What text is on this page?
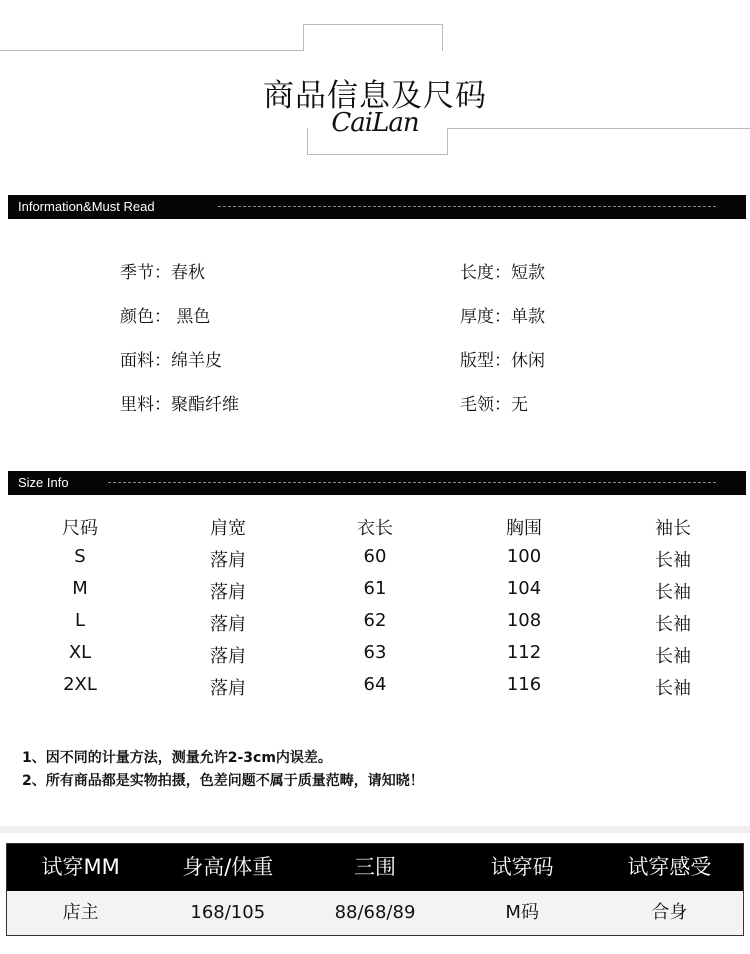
商品信息及尺码
CaiLan
Information&Must Read
季节：春秋	长度：短款
颜色： 黑色	厚度：单款
面料：绵羊皮	版型：休闲
里料：聚酯纤维	毛领：无
Size Info
尺码	肩宽	衣长	胸围	袖长
S	落肩	60	100	长袖
M	落肩	61	104	长袖
L	落肩	62	108	长袖
XL	落肩	63	112	长袖
2XL	落肩	64	116	长袖
1、因不同的计量方法，测量允许2-3cm内误差。
2、所有商品都是实物拍摄，色差问题不属于质量范畴，请知晓！
试穿MM	身高/体重	三围	试穿码	试穿感受
店主	168/105	88/68/89	M码	合身
